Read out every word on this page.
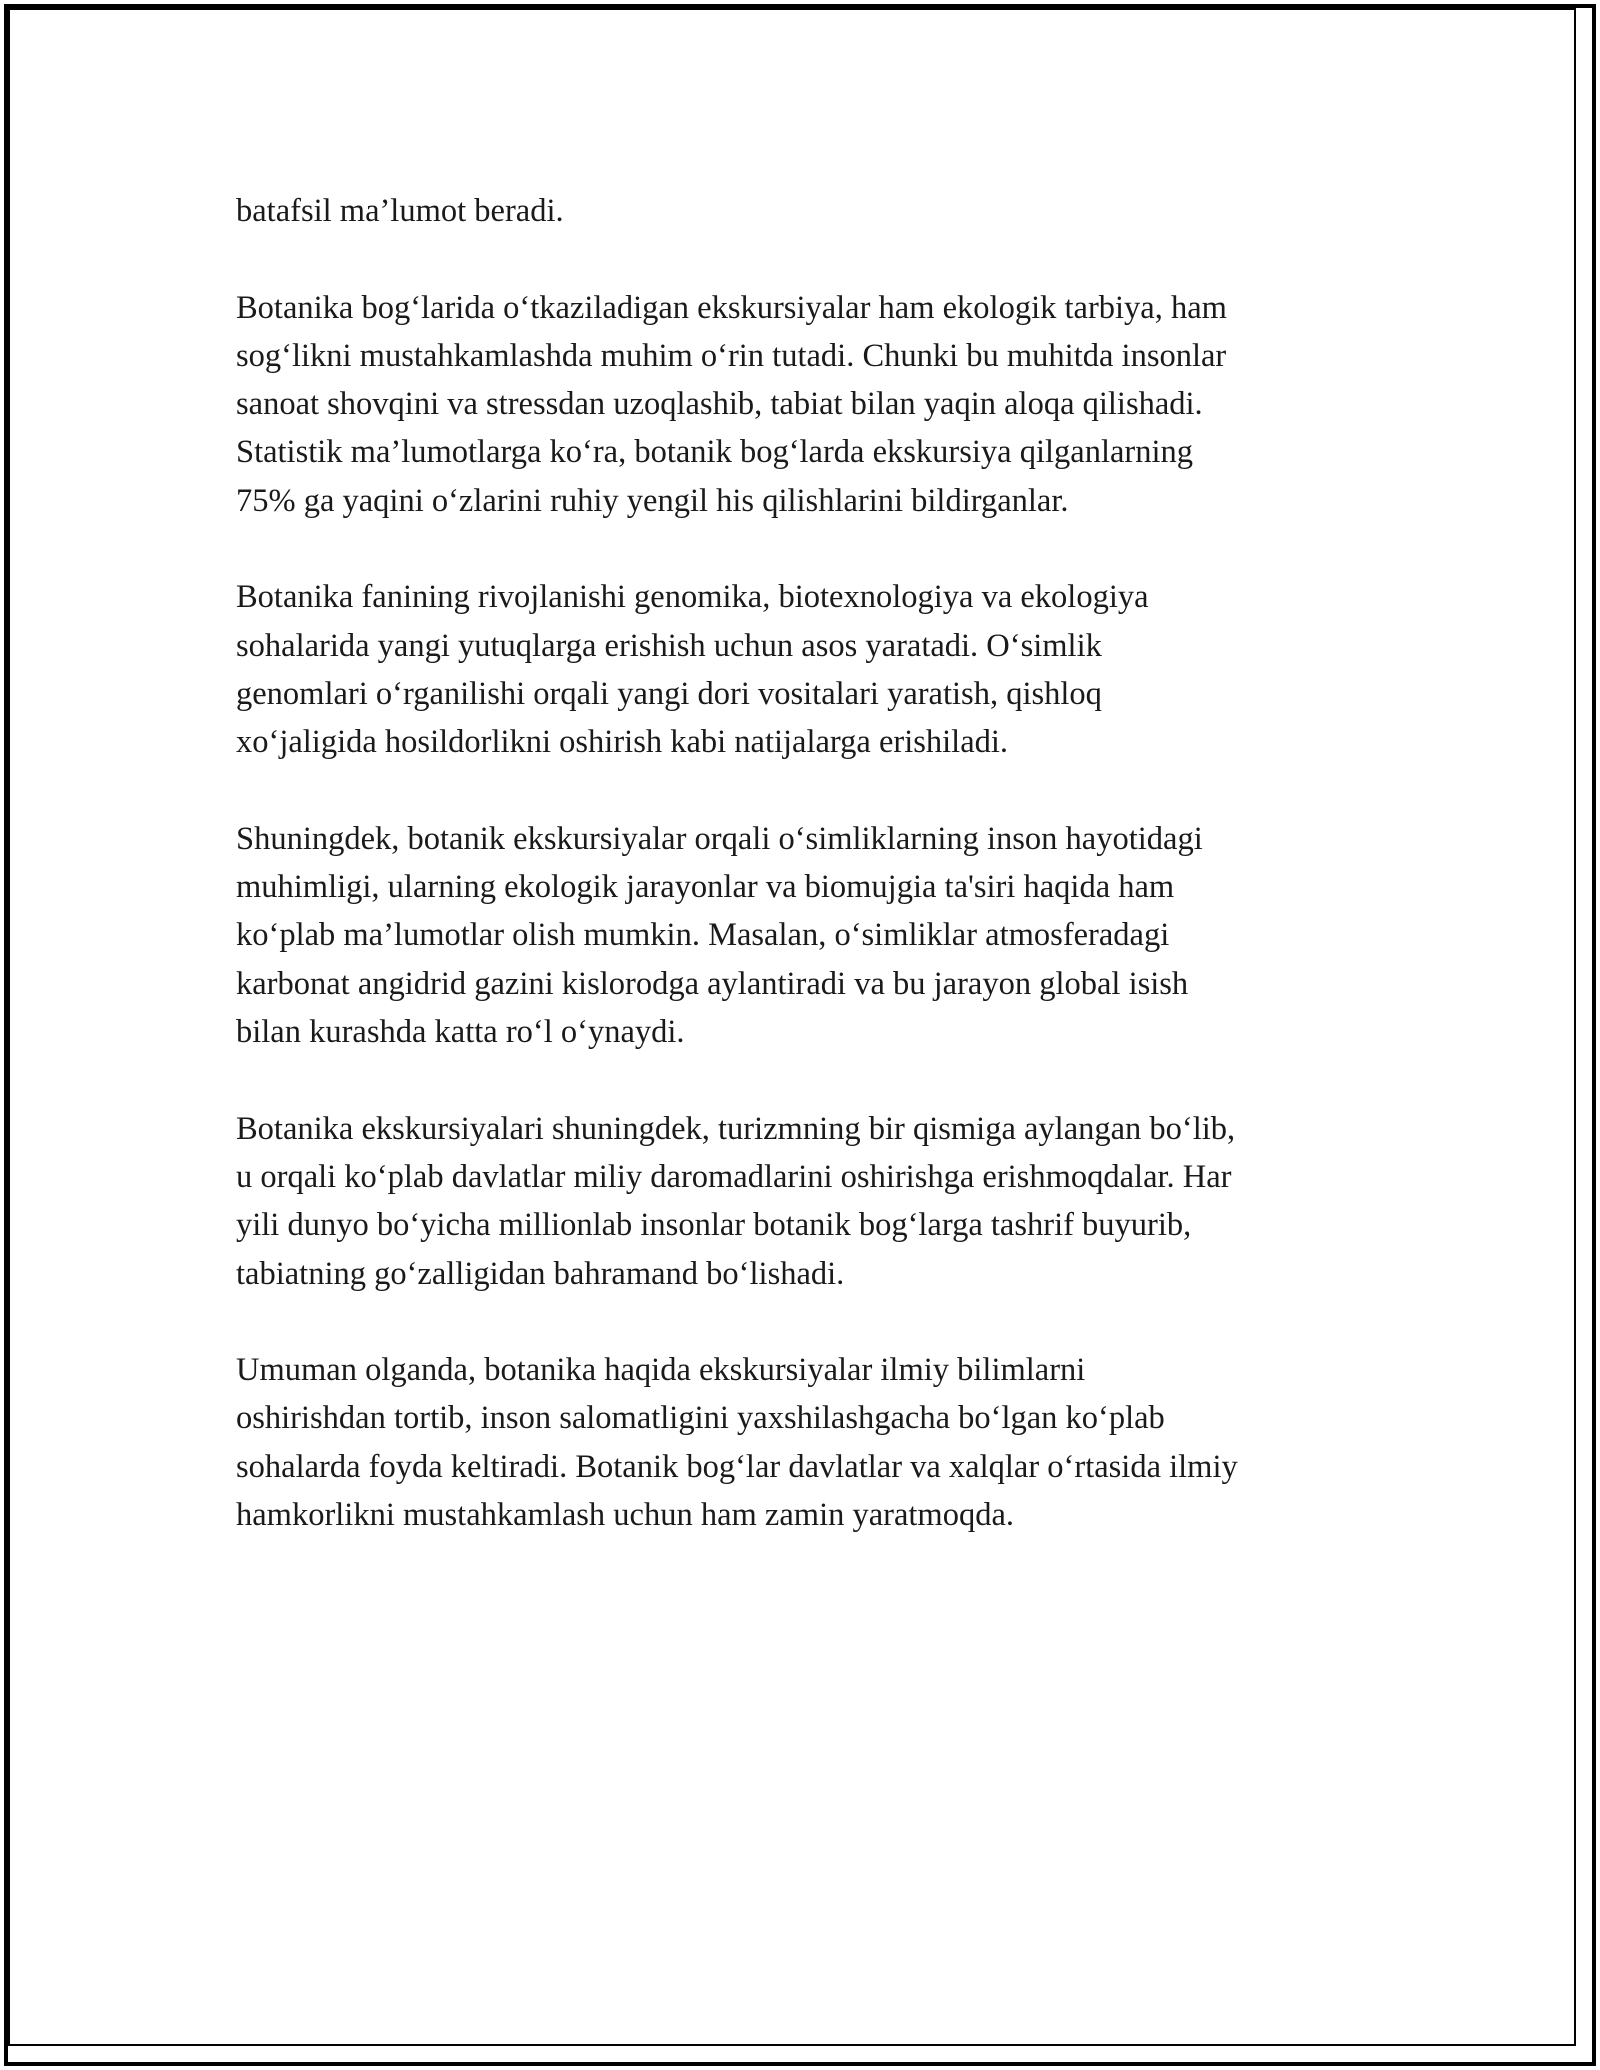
batafsil ma’lumot beradi.

Botanika bog‘larida o‘tkaziladigan ekskursiyalar ham ekologik tarbiya, ham
sog‘likni mustahkamlashda muhim o‘rin tutadi. Chunki bu muhitda insonlar
sanoat shovqini va stressdan uzoqlashib, tabiat bilan yaqin aloqa qilishadi.
Statistik ma’lumotlarga ko‘ra, botanik bog‘larda ekskursiya qilganlarning
75% ga yaqini o‘zlarini ruhiy yengil his qilishlarini bildirganlar.

Botanika fanining rivojlanishi genomika, biotexnologiya va ekologiya
sohalarida yangi yutuqlarga erishish uchun asos yaratadi. O‘simlik
genomlari o‘rganilishi orqali yangi dori vositalari yaratish, qishloq
xo‘jaligida hosildorlikni oshirish kabi natijalarga erishiladi.

Shuningdek, botanik ekskursiyalar orqali o‘simliklarning inson hayotidagi
muhimligi, ularning ekologik jarayonlar va biomujgia ta'siri haqida ham
ko‘plab ma’lumotlar olish mumkin. Masalan, o‘simliklar atmosferadagi
karbonat angidrid gazini kislorodga aylantiradi va bu jarayon global isish
bilan kurashda katta ro‘l o‘ynaydi.

Botanika ekskursiyalari shuningdek, turizmning bir qismiga aylangan bo‘lib,
u orqali ko‘plab davlatlar miliy daromadlarini oshirishga erishmoqdalar. Har
yili dunyo bo‘yicha millionlab insonlar botanik bog‘larga tashrif buyurib,
tabiatning go‘zalligidan bahramand bo‘lishadi.

Umuman olganda, botanika haqida ekskursiyalar ilmiy bilimlarni
oshirishdan tortib, inson salomatligini yaxshilashgacha bo‘lgan ko‘plab
sohalarda foyda keltiradi. Botanik bog‘lar davlatlar va xalqlar o‘rtasida ilmiy
hamkorlikni mustahkamlash uchun ham zamin yaratmoqda.
